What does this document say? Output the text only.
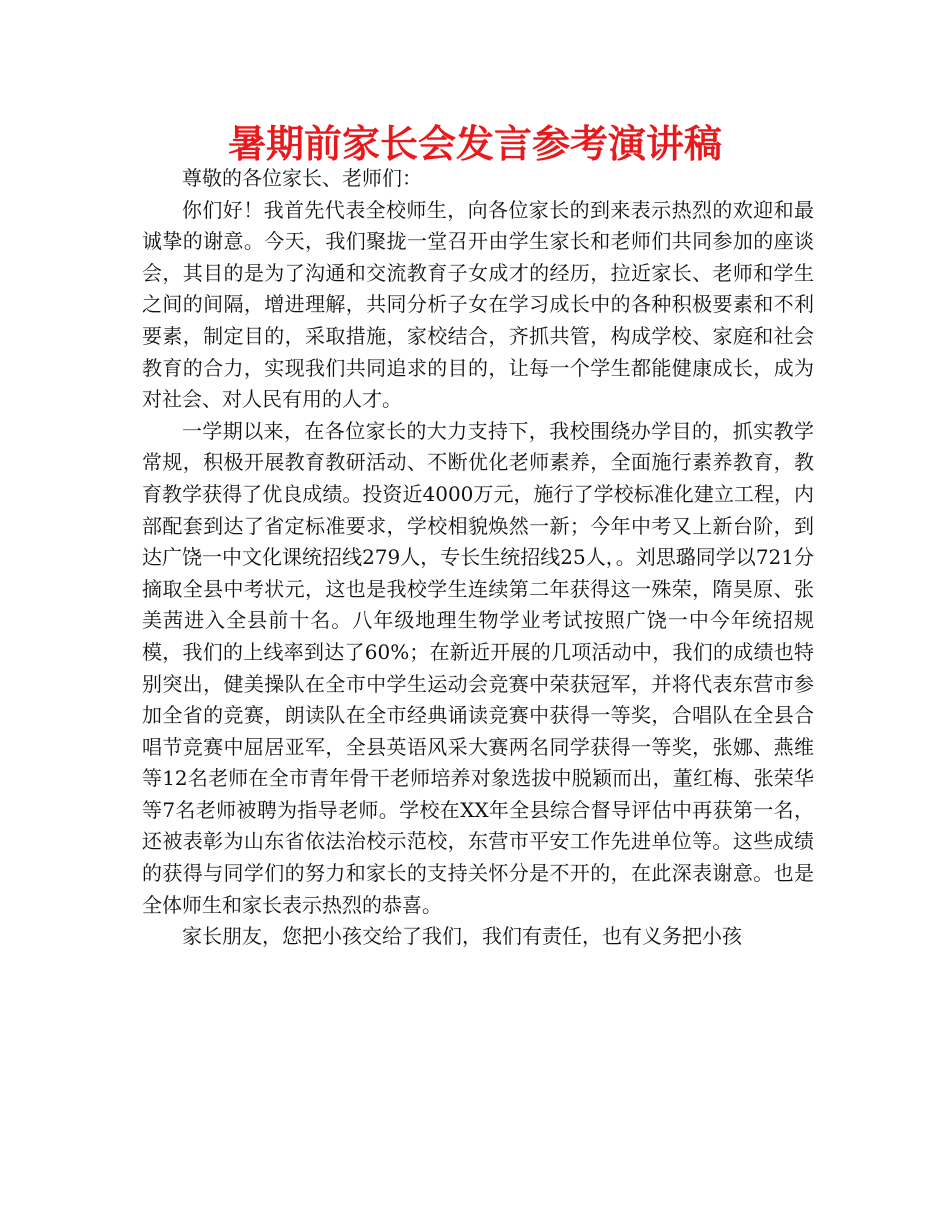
暑期前家长会发言参考演讲稿

尊敬的各位家长、老师们：

你们好！我首先代表全校师生，向各位家长的到来表示热烈的欢迎和最诚挚的谢意。今天，我们聚拢一堂召开由学生家长和老师们共同参加的座谈会，其目的是为了沟通和交流教育子女成才的经历，拉近家长、老师和学生之间的间隔，增进理解，共同分析子女在学习成长中的各种积极要素和不利要素，制定目的，采取措施，家校结合，齐抓共管，构成学校、家庭和社会教育的合力，实现我们共同追求的目的，让每一个学生都能健康成长，成为对社会、对人民有用的人才。

一学期以来，在各位家长的大力支持下，我校围绕办学目的，抓实教学常规，积极开展教育教研活动、不断优化老师素养，全面施行素养教育，教育教学获得了优良成绩。投资近4000万元，施行了学校标准化建立工程，内部配套到达了省定标准要求，学校相貌焕然一新；今年中考又上新台阶，到达广饶一中文化课统招线279人，专长生统招线25人，。刘思璐同学以721分摘取全县中考状元，这也是我校学生连续第二年获得这一殊荣，隋昊原、张美茜进入全县前十名。八年级地理生物学业考试按照广饶一中今年统招规模，我们的上线率到达了60%；在新近开展的几项活动中，我们的成绩也特别突出，健美操队在全市中学生运动会竞赛中荣获冠军，并将代表东营市参加全省的竞赛，朗读队在全市经典诵读竞赛中获得一等奖，合唱队在全县合唱节竞赛中屈居亚军，全县英语风采大赛两名同学获得一等奖，张娜、燕维等12名老师在全市青年骨干老师培养对象选拔中脱颖而出，董红梅、张荣华等7名老师被聘为指导老师。学校在XX年全县综合督导评估中再获第一名，还被表彰为山东省依法治校示范校，东营市平安工作先进单位等。这些成绩的获得与同学们的努力和家长的支持关怀分是不开的，在此深表谢意。也是全体师生和家长表示热烈的恭喜。

家长朋友，您把小孩交给了我们，我们有责任，也有义务把小孩
